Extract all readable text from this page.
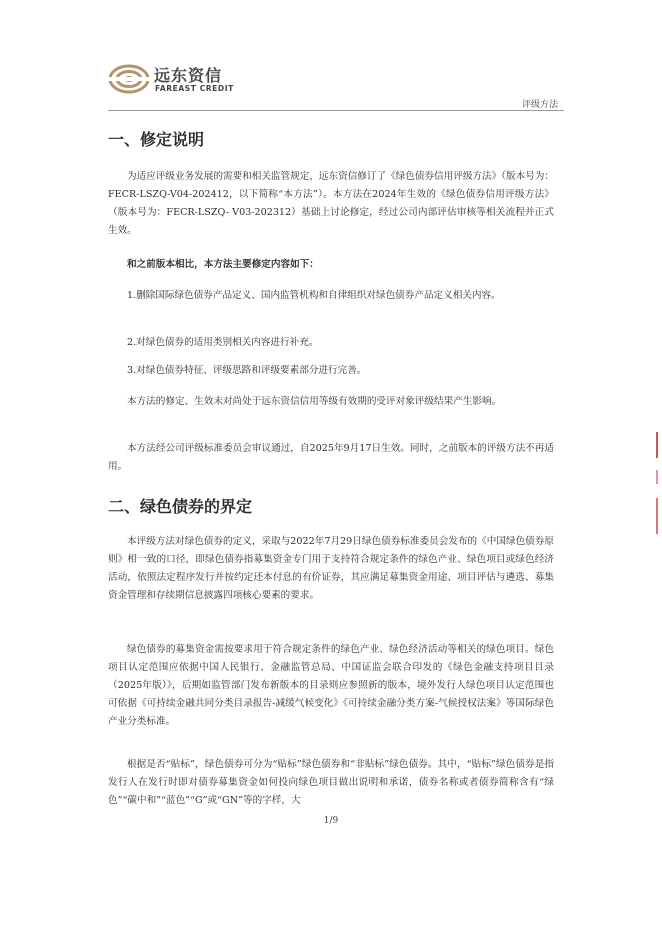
远东资信
FAREAST CREDIT
评级方法
一、修定说明

为适应评级业务发展的需要和相关监管规定，远东资信修订了《绿色债券信用评级方法》（版本号为：FECR-LSZQ-V04-202412，以下简称“本方法”）。本方法在2024年生效的《绿色债券信用评级方法》（版本号为：FECR-LSZQ- V03-202312）基础上讨论修定，经过公司内部评估审核等相关流程并正式生效。

和之前版本相比，本方法主要修定内容如下：

1.删除国际绿色债券产品定义、国内监管机构和自律组织对绿色债券产品定义相关内容。

2.对绿色债券的适用类别相关内容进行补充。

3.对绿色债券特征、评级思路和评级要素部分进行完善。

本方法的修定、生效未对尚处于远东资信信用等级有效期的受评对象评级结果产生影响。

本方法经公司评级标准委员会审议通过，自2025年9月17日生效。同时，之前版本的评级方法不再适用。

二、绿色债券的界定

本评级方法对绿色债券的定义，采取与2022年7月29日绿色债券标准委员会发布的《中国绿色债券原则》相一致的口径，即绿色债券指募集资金专门用于支持符合规定条件的绿色产业、绿色项目或绿色经济活动，依照法定程序发行并按约定还本付息的有价证券，其应满足募集资金用途、项目评估与遴选、募集资金管理和存续期信息披露四项核心要素的要求。

绿色债券的募集资金需按要求用于符合规定条件的绿色产业、绿色经济活动等相关的绿色项目。绿色项目认定范围应依据中国人民银行、金融监管总局、中国证监会联合印发的《绿色金融支持项目目录（2025年版）》，后期如监管部门发布新版本的目录则应参照新的版本，境外发行人绿色项目认定范围也可依据《可持续金融共同分类目录报告-减缓气候变化》《可持续金融分类方案-气候授权法案》等国际绿色产业分类标准。

根据是否“贴标”，绿色债券可分为“贴标”绿色债券和“非贴标”绿色债券。其中，“贴标”绿色债券是指发行人在发行时即对债券募集资金如何投向绿色项目做出说明和承诺，债券名称或者债券简称含有“绿色”“碳中和”“蓝色”“G”或“GN”等的字样，大

1/9
